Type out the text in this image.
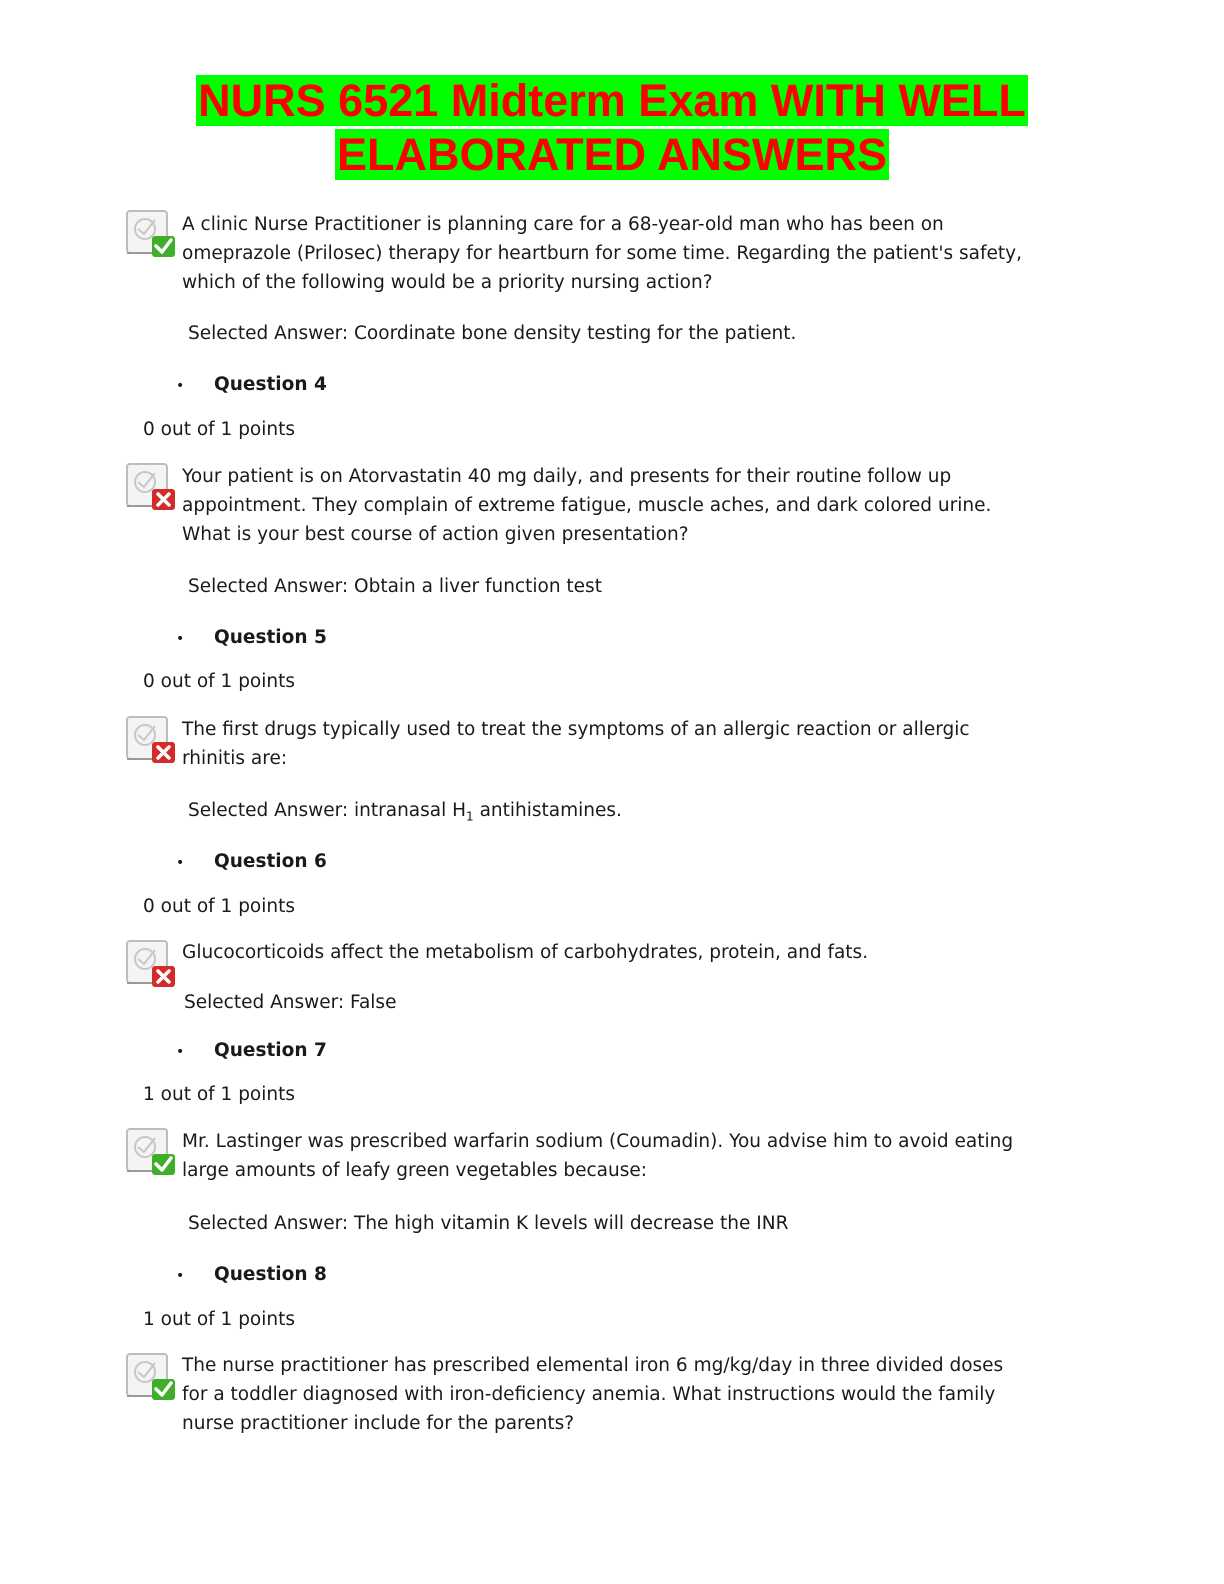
NURS 6521 Midterm Exam WITH WELL
ELABORATED ANSWERS
A clinic Nurse Practitioner is planning care for a 68-year-old man who has been on omeprazole (Prilosec) therapy for heartburn for some time. Regarding the patient's safety, which of the following would be a priority nursing action?
Selected Answer: Coordinate bone density testing for the patient.
• Question 4
0 out of 1 points
Your patient is on Atorvastatin 40 mg daily, and presents for their routine follow up appointment. They complain of extreme fatigue, muscle aches, and dark colored urine. What is your best course of action given presentation?
Selected Answer: Obtain a liver function test
• Question 5
0 out of 1 points
The first drugs typically used to treat the symptoms of an allergic reaction or allergic rhinitis are:
Selected Answer: intranasal $H_1$ antihistamines.
• Question 6
0 out of 1 points
Glucocorticoids affect the metabolism of carbohydrates, protein, and fats.
Selected Answer: False
• Question 7
1 out of 1 points
Mr. Lastinger was prescribed warfarin sodium (Coumadin). You advise him to avoid eating large amounts of leafy green vegetables because:
Selected Answer: The high vitamin K levels will decrease the INR
• Question 8
1 out of 1 points
The nurse practitioner has prescribed elemental iron 6 mg/kg/day in three divided doses for a toddler diagnosed with iron-deficiency anemia. What instructions would the family nurse practitioner include for the parents?
